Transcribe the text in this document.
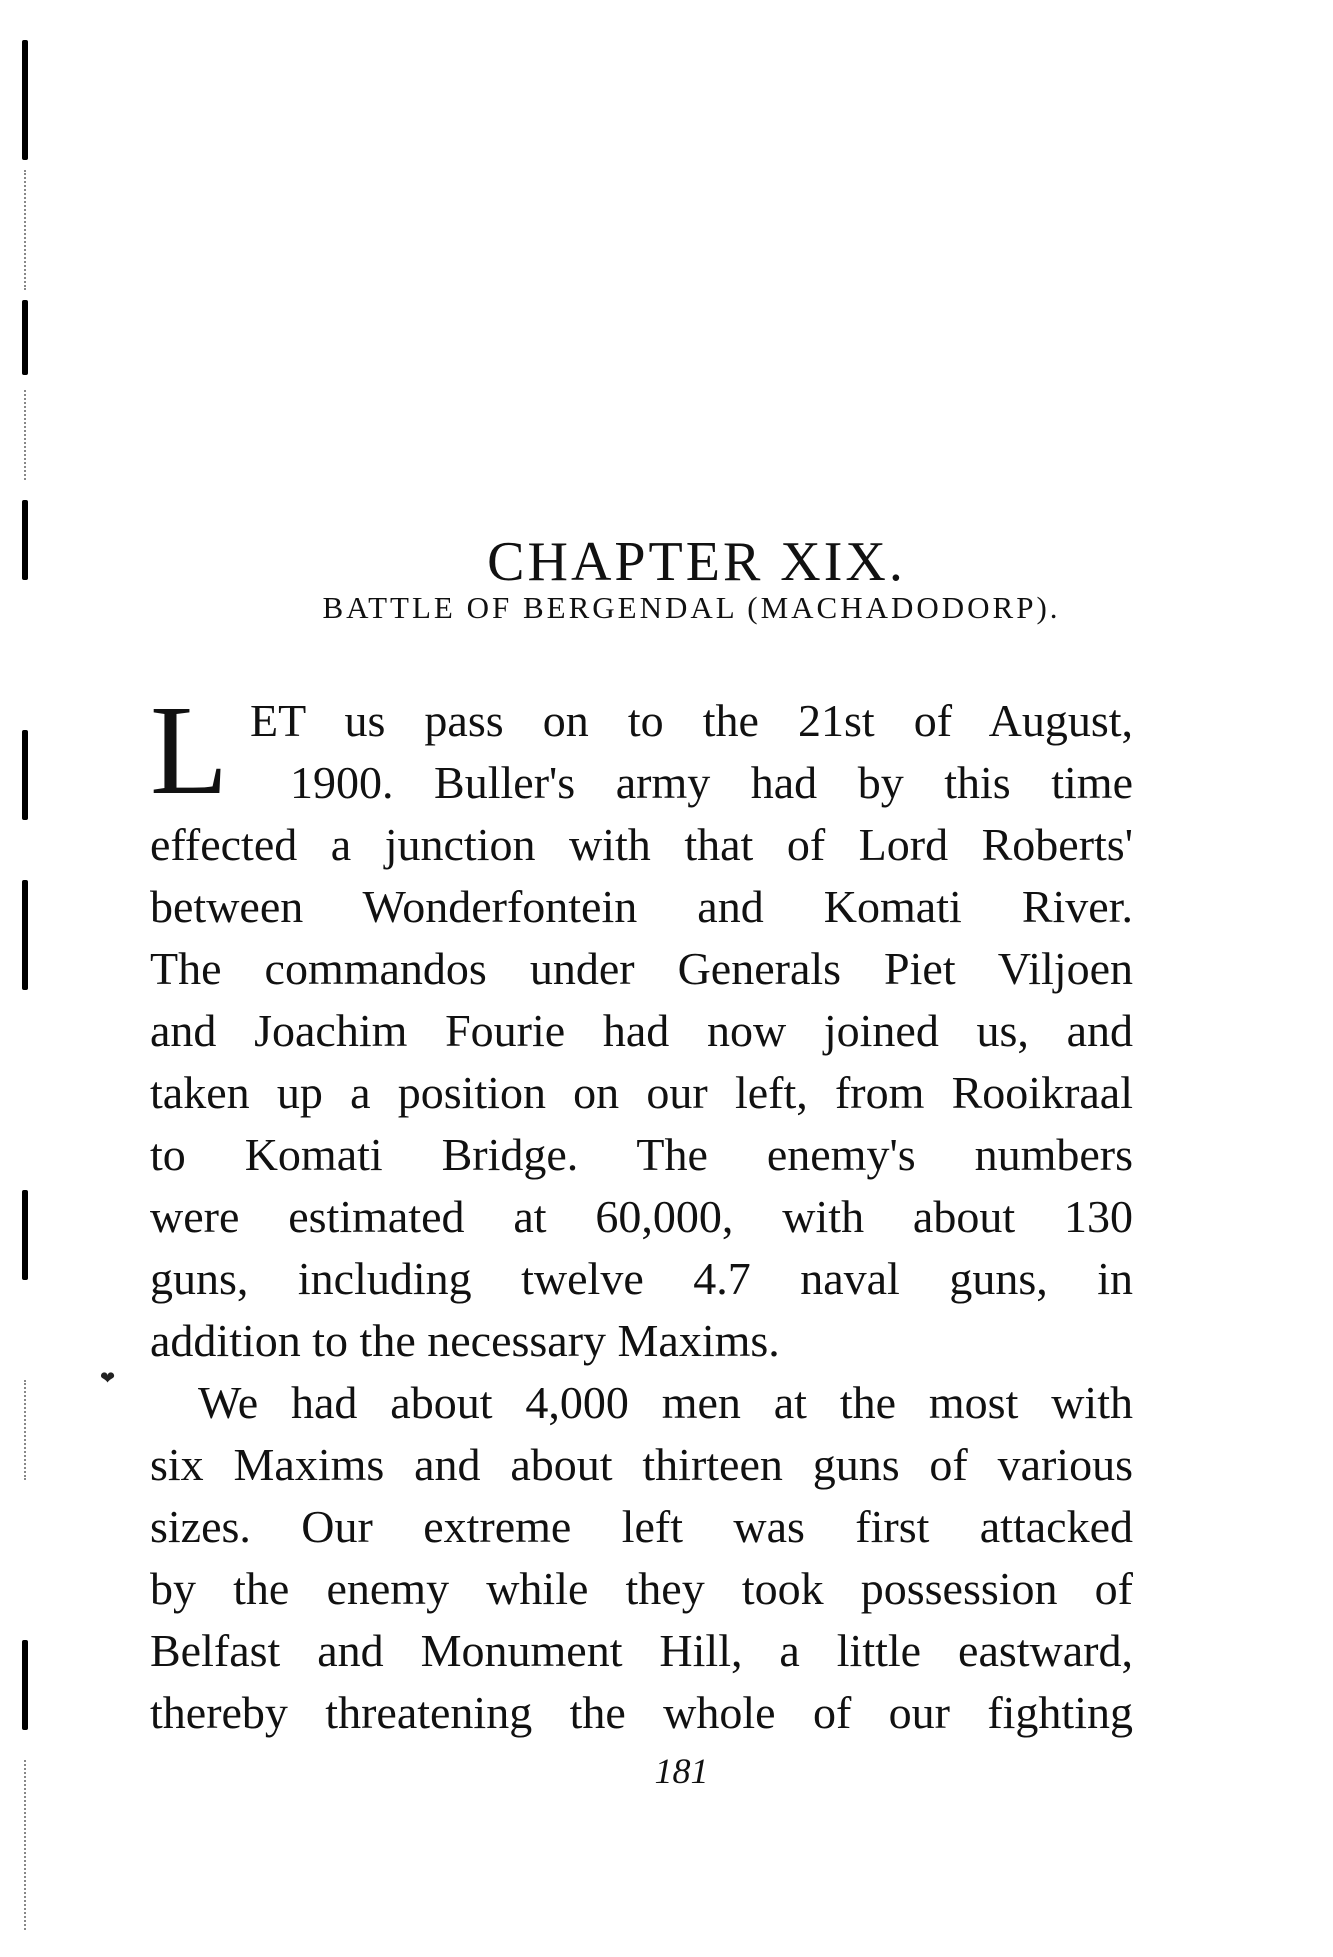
CHAPTER XIX.
BATTLE OF BERGENDAL (MACHADODORP).
L
❤
ET us pass on to the 21st of August,
1900. Buller's army had by this time
effected a junction with that of Lord Roberts'
between Wonderfontein and Komati River.
The commandos under Generals Piet Viljoen
and Joachim Fourie had now joined us, and
taken up a position on our left, from Rooikraal
to Komati Bridge. The enemy's numbers
were estimated at 60,000, with about 130
guns, including twelve 4.7 naval guns, in
addition to the necessary Maxims.
We had about 4,000 men at the most with
six Maxims and about thirteen guns of various
sizes. Our extreme left was first attacked
by the enemy while they took possession of
Belfast and Monument Hill, a little eastward,
thereby threatening the whole of our fighting
181
